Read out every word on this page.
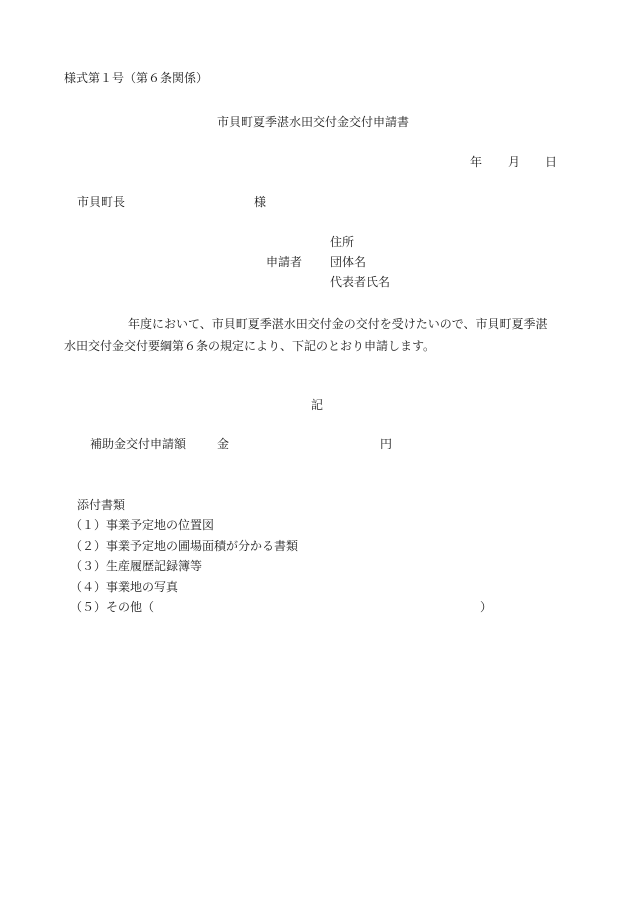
様式第１号（第６条関係）
市貝町夏季湛水田交付金交付申請書
年 月 日
市貝町長	様
住所
申請者 団体名
代表者氏名
年度において、市貝町夏季湛水田交付金の交付を受けたいので、市貝町夏季湛
水田交付金交付要綱第６条の規定により、下記のとおり申請します。
記
補助金交付申請額	金	円
添付書類
（１）事業予定地の位置図
（２）事業予定地の圃場面積が分かる書類
（３）生産履歴記録簿等
（４）事業地の写真
（５）その他（	）
